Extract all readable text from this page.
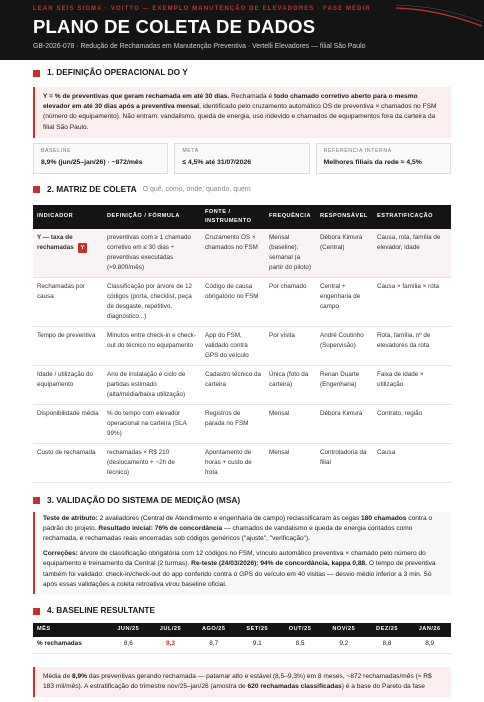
LEAN SEIS SIGMA · VOITTO — EXEMPLO MANUTENÇÃO DE ELEVADORES · FASE MEDIR
PLANO DE COLETA DE DADOS
GB-2026-078 · Redução de Rechamadas em Manutenção Preventiva · Vertelli Elevadores — filial São Paulo
1. DEFINIÇÃO OPERACIONAL DO Y
Y = % de preventivas que geram rechamada em até 30 dias. Rechamada é todo chamado corretivo aberto para o mesmo elevador em até 30 dias após a preventiva mensal, identificado pelo cruzamento automático OS de preventiva × chamados no FSM (número do equipamento). Não entram: vandalismo, queda de energia, uso indevido e chamados de equipamentos fora da carteira da filial São Paulo.
BASELINE
8,9% (jun/25–jan/26) · ~872/mês
META
≤ 4,5% até 31/07/2026
REFERÊNCIA INTERNA
Melhores filiais da rede ≈ 4,5%
2. MATRIZ DE COLETA O quê, como, onde, quando, quem
INDICADOR	DEFINIÇÃO / FÓRMULA	FONTE / INSTRUMENTO	FREQUÊNCIA	RESPONSÁVEL	ESTRATIFICAÇÃO
Y — taxa de rechamadas Y	preventivas com ≥ 1 chamado corretivo em ≤ 30 dias ÷ preventivas executadas (≈9.800/mês)	Cruzamento OS × chamados no FSM	Mensal (baseline); semanal (a partir do piloto)	Débora Kimura (Central)	Causa, rota, família de elevador, idade
Rechamadas por causa	Classificação por árvore de 12 códigos (porta, checklist, peça de desgaste, repetitivo, diagnóstico...)	Código de causa obrigatório no FSM	Por chamado	Central + engenharia de campo	Causa × família × rota
Tempo de preventiva	Minutos entre check-in e check-out do técnico no equipamento	App do FSM, validado contra GPS do veículo	Por visita	André Coutinho (Supervisão)	Rota, família, nº de elevadores da rota
Idade / utilização do equipamento	Ano de instalação e ciclo de partidas estimado (alta/média/baixa utilização)	Cadastro técnico da carteira	Única (foto da carteira)	Renan Duarte (Engenharia)	Faixa de idade × utilização
Disponibilidade média	% do tempo com elevador operacional na carteira (SLA 99%)	Registros de parada no FSM	Mensal	Débora Kimura	Contrato, região
Custo de rechamada	rechamadas × R$ 210 (deslocamento + ~2h de técnico)	Apontamento de horas + custo de frota	Mensal	Controladoria da filial	Causa
3. VALIDAÇÃO DO SISTEMA DE MEDIÇÃO (MSA)

Teste de atributo: 2 avaliadores (Central de Atendimento e engenharia de campo) reclassificaram às cegas 180 chamados contra o padrão do projeto. Resultado inicial: 76% de concordância — chamados de vandalismo e queda de energia contados como rechamada, e rechamadas reais encerradas sob códigos genéricos ("ajuste", "verificação").

Correções: árvore de classificação obrigatória com 12 códigos no FSM, vínculo automático preventiva × chamado pelo número do equipamento e treinamento da Central (2 turmas). Re-teste (24/03/2026): 94% de concordância, kappa 0,88. O tempo de preventiva também foi validado: check-in/check-out do app conferido contra o GPS do veículo em 40 visitas — desvio médio inferior a 3 min. Só após essas validações a coleta retroativa virou baseline oficial.

4. BASELINE RESULTANTE
MÊS	JUN/25	JUL/25	AGO/25	SET/25	OUT/25	NOV/25	DEZ/25	JAN/26
% rechamadas	8,6	9,3	8,7	9,1	8,5	9,2	8,8	8,9
Média de 8,9% das preventivas gerando rechamada — patamar alto e estável (8,5–9,3%) em 8 meses, ~872 rechamadas/mês (≈ R$ 183 mil/mês). A estratificação do trimestre nov/25–jan/26 (amostra de 620 rechamadas classificadas) é a base do Pareto da fase
